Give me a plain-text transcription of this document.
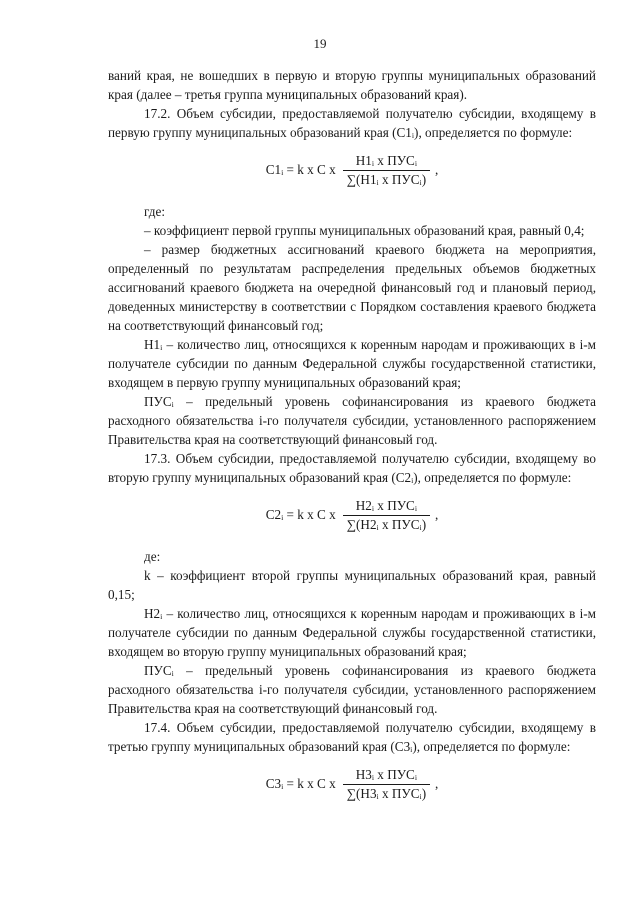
19

ваний края, не вошедших в первую и вторую группы муниципальных образований края (далее – третья группа муниципальных образований края).

17.2. Объем субсидии, предоставляемой получателю субсидии, входящему в первую группу муниципальных образований края (С1ᵢ), определяется по формуле:

С1ᵢ = k x С x $\frac{\text{Н1ᵢ x ПУСᵢ}}{\text{∑(Н1ᵢ x ПУСᵢ)}}$ ,

где:

– коэффициент первой группы муниципальных образований края, равный 0,4;

– размер бюджетных ассигнований краевого бюджета на мероприятия, определенный по результатам распределения предельных объемов бюджетных ассигнований краевого бюджета на очередной финансовый год и плановый период, доведенных министерству в соответствии с Порядком составления краевого бюджета на соответствующий финансовый год;

Н1ᵢ – количество лиц, относящихся к коренным народам и проживающих в i-м получателе субсидии по данным Федеральной службы государственной статистики, входящем в первую группу муниципальных образований края;

ПУСᵢ – предельный уровень софинансирования из краевого бюджета расходного обязательства i-го получателя субсидии, установленного распоряжением Правительства края на соответствующий финансовый год.

17.3. Объем субсидии, предоставляемой получателю субсидии, входящему во вторую группу муниципальных образований края (С2ᵢ), определяется по формуле:

С2ᵢ = k x С x $\frac{\text{Н2ᵢ x ПУСᵢ}}{\text{∑(Н2ᵢ x ПУСᵢ)}}$ ,

де:

k – коэффициент второй группы муниципальных образований края, равный 0,15;

Н2ᵢ – количество лиц, относящихся к коренным народам и проживающих в i-м получателе субсидии по данным Федеральной службы государственной статистики, входящем во вторую группу муниципальных образований края;

ПУСᵢ – предельный уровень софинансирования из краевого бюджета расходного обязательства i-го получателя субсидии, установленного распоряжением Правительства края на соответствующий финансовый год.

17.4. Объем субсидии, предоставляемой получателю субсидии, входящему в третью группу муниципальных образований края (С3ᵢ), определяется по формуле:

С3ᵢ = k x С x $\frac{\text{Н3ᵢ x ПУСᵢ}}{\text{∑(Н3ᵢ x ПУСᵢ)}}$ ,
